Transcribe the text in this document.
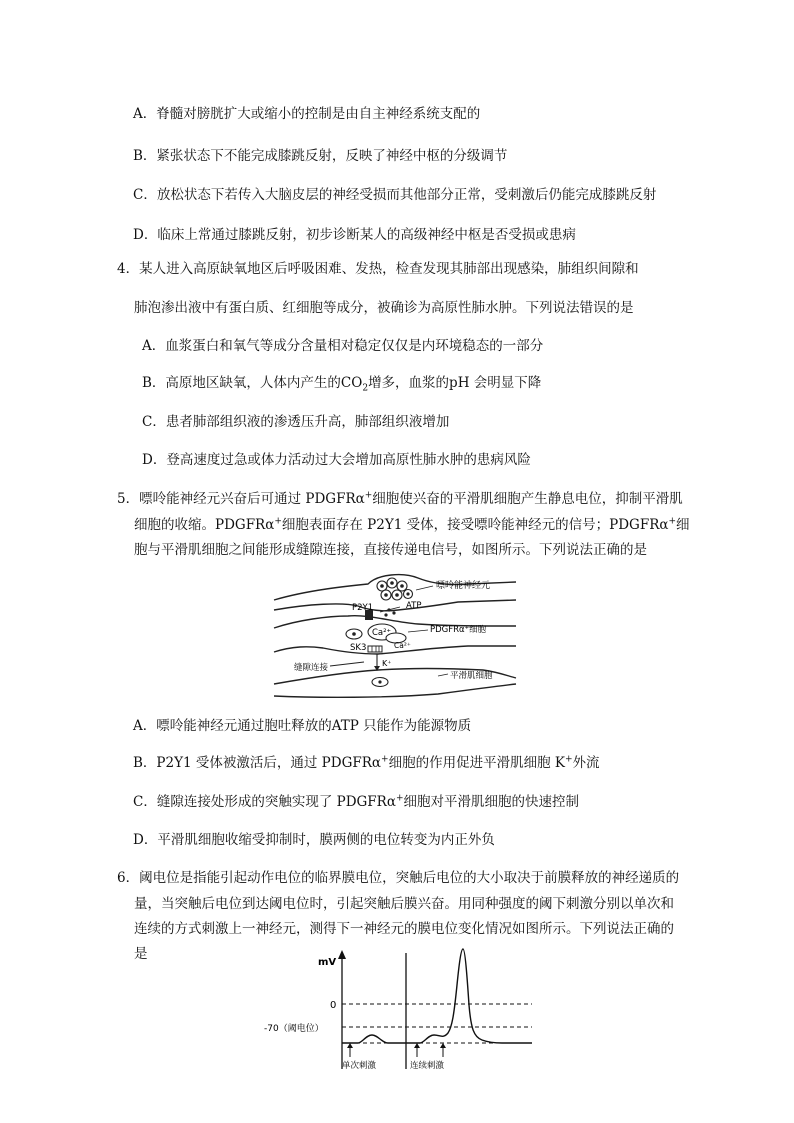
A．脊髓对膀胱扩大或缩小的控制是由自主神经系统支配的
B．紧张状态下不能完成膝跳反射，反映了神经中枢的分级调节
C．放松状态下若传入大脑皮层的神经受损而其他部分正常，受刺激后仍能完成膝跳反射
D．临床上常通过膝跳反射，初步诊断某人的高级神经中枢是否受损或患病
4．某人进入高原缺氧地区后呼吸困难、发热，检查发现其肺部出现感染，肺组织间隙和
肺泡渗出液中有蛋白质、红细胞等成分，被确诊为高原性肺水肿。下列说法错误的是
A．血浆蛋白和氧气等成分含量相对稳定仅仅是内环境稳态的一部分
B．高原地区缺氧，人体内产生的$CO_2$增多，血浆的pH 会明显下降
C．患者肺部组织液的渗透压升高，肺部组织液增加
D．登高速度过急或体力活动过大会增加高原性肺水肿的患病风险
5．嘌呤能神经元兴奋后可通过 PDGFRα+细胞使兴奋的平滑肌细胞产生静息电位，抑制平滑肌
细胞的收缩。PDGFRα+细胞表面存在 P2Y1 受体，接受嘌呤能神经元的信号；PDGFRα+细
胞与平滑肌细胞之间能形成缝隙连接，直接传递电信号，如图所示。下列说法正确的是
嘌呤能神经元
ATP
P2Y1
PDGFRα⁺细胞
Ca²⁺
Ca²⁺
SK3
K⁺
缝隙连接
平滑肌细胞
A．嘌呤能神经元通过胞吐释放的ATP 只能作为能源物质
B．P2Y1 受体被激活后，通过 PDGFRα+细胞的作用促进平滑肌细胞 K+外流
C．缝隙连接处形成的突触实现了 PDGFRα+细胞对平滑肌细胞的快速控制
D．平滑肌细胞收缩受抑制时，膜两侧的电位转变为内正外负
6．阈电位是指能引起动作电位的临界膜电位，突触后电位的大小取决于前膜释放的神经递质的
量，当突触后电位到达阈电位时，引起突触后膜兴奋。用同种强度的阈下刺激分别以单次和
连续的方式刺激上一神经元，测得下一神经元的膜电位变化情况如图所示。下列说法正确的
是
mV
0
-70（阈电位）
单次刺激	连续刺激
